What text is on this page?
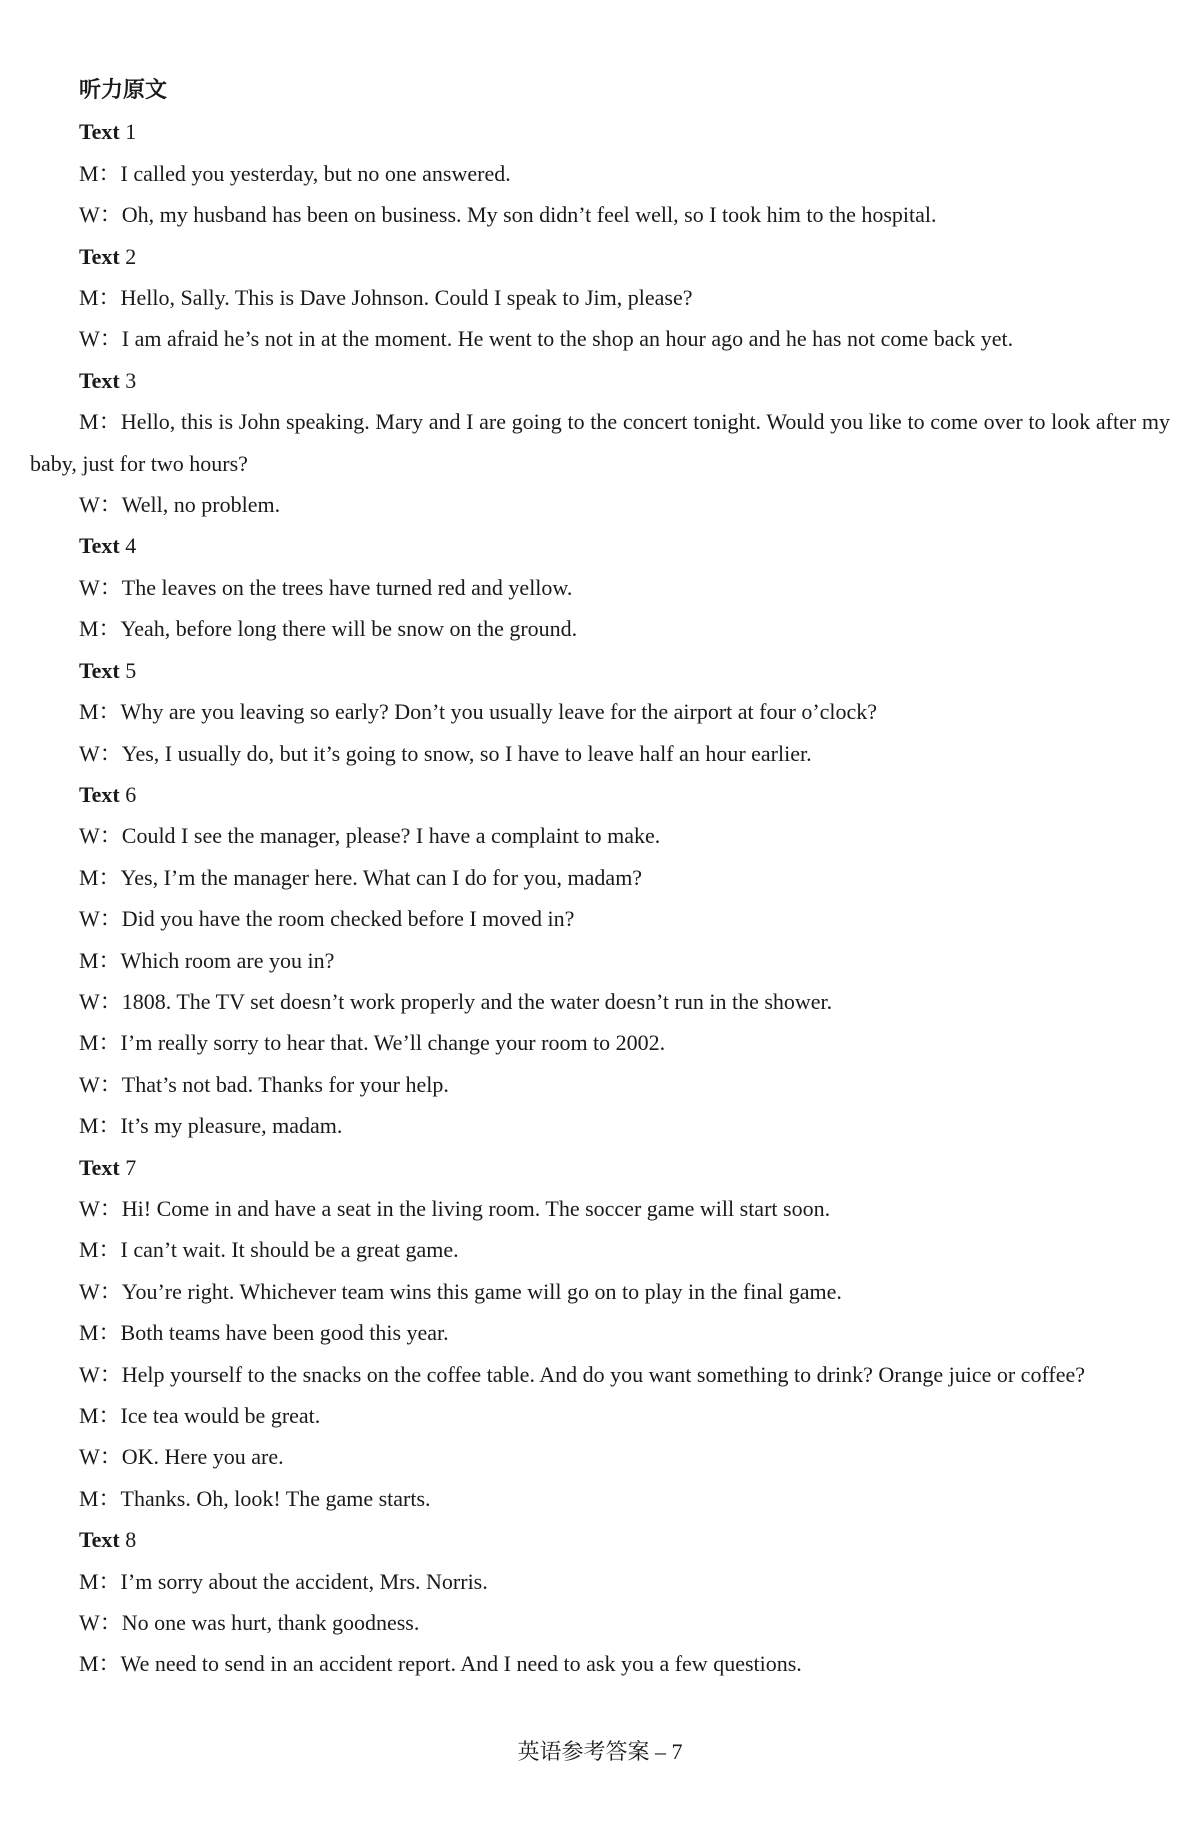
听力原文

Text 1

M：I called you yesterday, but no one answered.

W：Oh, my husband has been on business. My son didn’t feel well, so I took him to the hospital.

Text 2

M：Hello, Sally. This is Dave Johnson. Could I speak to Jim, please?

W：I am afraid he’s not in at the moment. He went to the shop an hour ago and he has not come back yet.

Text 3

M：Hello, this is John speaking. Mary and I are going to the concert tonight. Would you like to come over to look after my baby, just for two hours?

W：Well, no problem.

Text 4

W：The leaves on the trees have turned red and yellow.

M：Yeah, before long there will be snow on the ground.

Text 5

M：Why are you leaving so early? Don’t you usually leave for the airport at four o’clock?

W：Yes, I usually do, but it’s going to snow, so I have to leave half an hour earlier.

Text 6

W：Could I see the manager, please? I have a complaint to make.

M：Yes, I’m the manager here. What can I do for you, madam?

W：Did you have the room checked before I moved in?

M：Which room are you in?

W：1808. The TV set doesn’t work properly and the water doesn’t run in the shower.

M：I’m really sorry to hear that. We’ll change your room to 2002.

W：That’s not bad. Thanks for your help.

M：It’s my pleasure, madam.

Text 7

W：Hi! Come in and have a seat in the living room. The soccer game will start soon.

M：I can’t wait. It should be a great game.

W：You’re right. Whichever team wins this game will go on to play in the final game.

M：Both teams have been good this year.

W：Help yourself to the snacks on the coffee table. And do you want something to drink? Orange juice or coffee?

M：Ice tea would be great.

W：OK. Here you are.

M：Thanks. Oh, look! The game starts.

Text 8

M：I’m sorry about the accident, Mrs. Norris.

W：No one was hurt, thank goodness.

M：We need to send in an accident report. And I need to ask you a few questions.

英语参考答案 – 7
